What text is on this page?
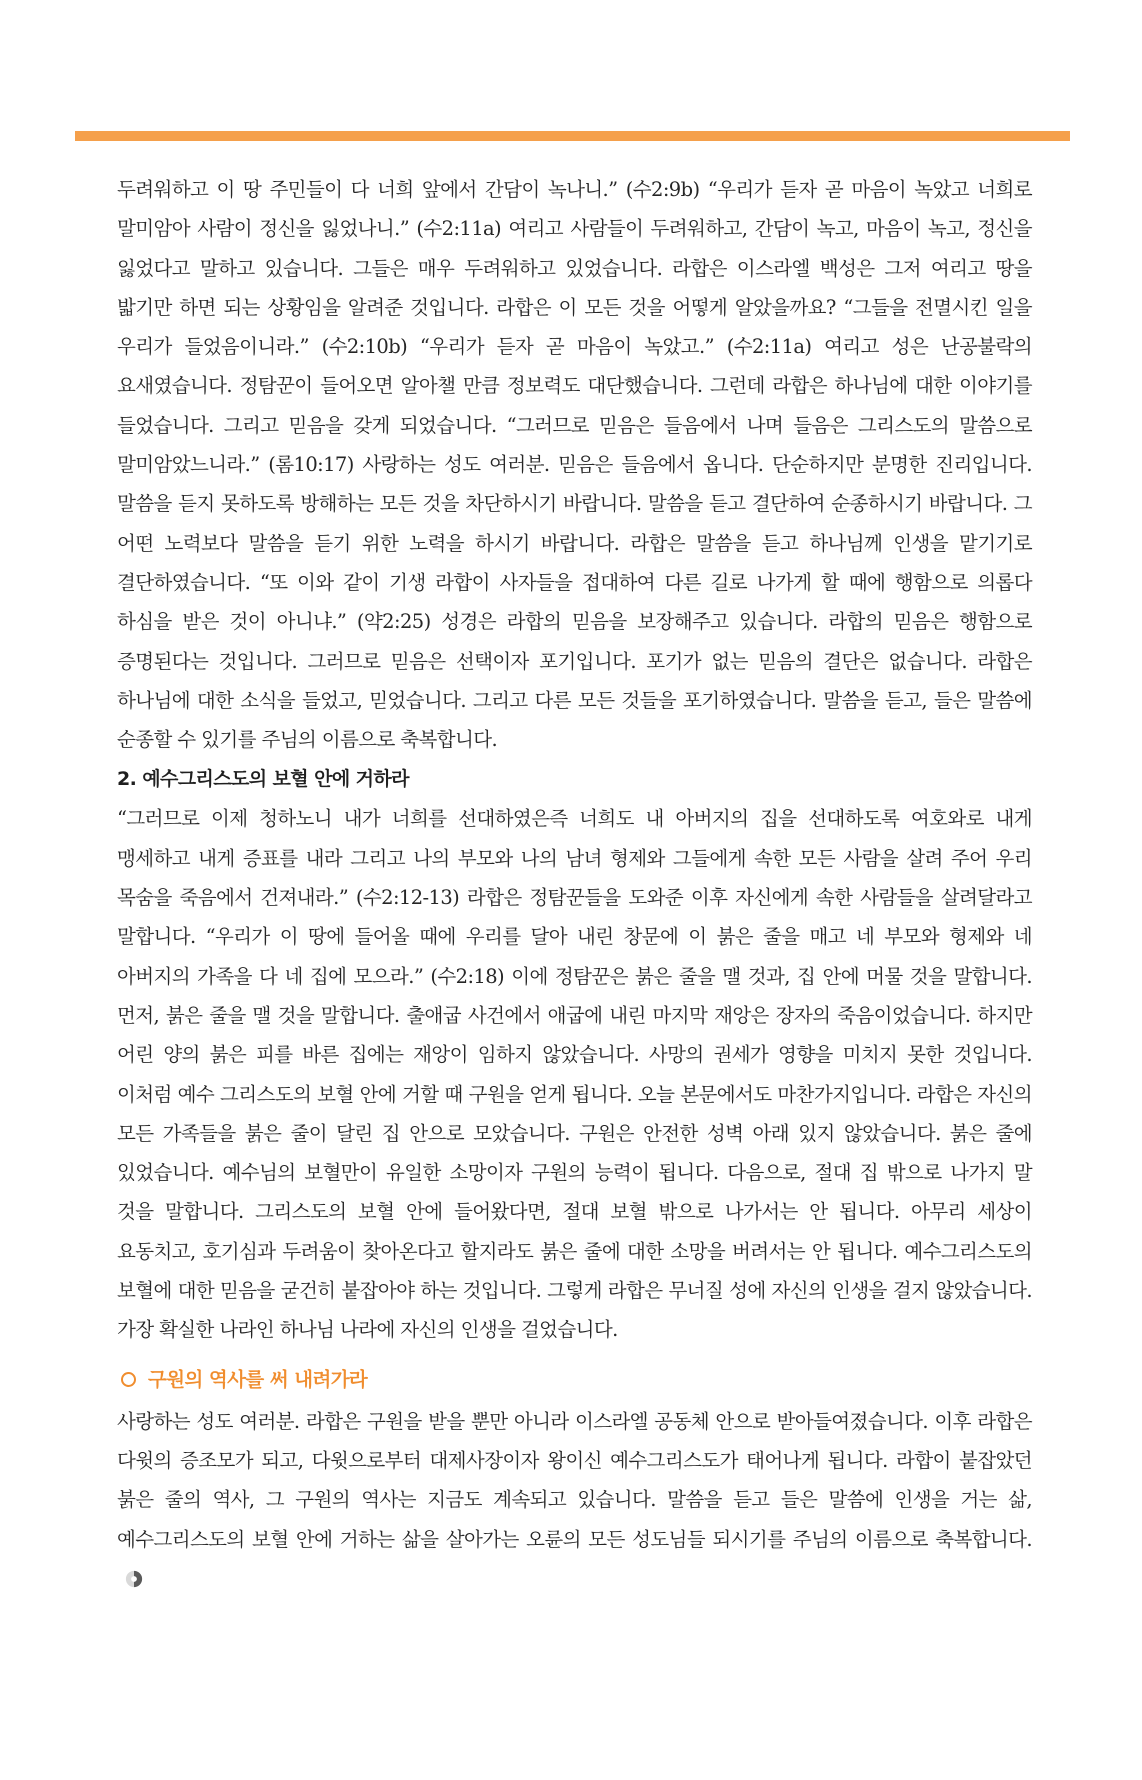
두려워하고 이 땅 주민들이 다 너희 앞에서 간담이 녹나니.” (수2:9b) “우리가 듣자 곧 마음이 녹았고 너희로 말미암아 사람이 정신을 잃었나니.” (수2:11a) 여리고 사람들이 두려워하고, 간담이 녹고, 마음이 녹고, 정신을 잃었다고 말하고 있습니다. 그들은 매우 두려워하고 있었습니다. 라합은 이스라엘 백성은 그저 여리고 땅을 밟기만 하면 되는 상황임을 알려준 것입니다. 라합은 이 모든 것을 어떻게 알았을까요? “그들을 전멸시킨 일을 우리가 들었음이니라.” (수2:10b) “우리가 듣자 곧 마음이 녹았고.” (수2:11a) 여리고 성은 난공불락의 요새였습니다. 정탐꾼이 들어오면 알아챌 만큼 정보력도 대단했습니다. 그런데 라합은 하나님에 대한 이야기를 들었습니다. 그리고 믿음을 갖게 되었습니다. “그러므로 믿음은 들음에서 나며 들음은 그리스도의 말씀으로 말미암았느니라.” (롬10:17) 사랑하는 성도 여러분. 믿음은 들음에서 옵니다. 단순하지만 분명한 진리입니다. 말씀을 듣지 못하도록 방해하는 모든 것을 차단하시기 바랍니다. 말씀을 듣고 결단하여 순종하시기 바랍니다. 그 어떤 노력보다 말씀을 듣기 위한 노력을 하시기 바랍니다. 라합은 말씀을 듣고 하나님께 인생을 맡기기로 결단하였습니다. “또 이와 같이 기생 라합이 사자들을 접대하여 다른 길로 나가게 할 때에 행함으로 의롭다 하심을 받은 것이 아니냐.” (약2:25) 성경은 라합의 믿음을 보장해주고 있습니다. 라합의 믿음은 행함으로 증명된다는 것입니다. 그러므로 믿음은 선택이자 포기입니다. 포기가 없는 믿음의 결단은 없습니다. 라합은 하나님에 대한 소식을 들었고, 믿었습니다. 그리고 다른 모든 것들을 포기하였습니다. 말씀을 듣고, 들은 말씀에 순종할 수 있기를 주님의 이름으로 축복합니다.

2. 예수그리스도의 보혈 안에 거하라

“그러므로 이제 청하노니 내가 너희를 선대하였은즉 너희도 내 아버지의 집을 선대하도록 여호와로 내게 맹세하고 내게 증표를 내라 그리고 나의 부모와 나의 남녀 형제와 그들에게 속한 모든 사람을 살려 주어 우리 목숨을 죽음에서 건져내라.” (수2:12-13) 라합은 정탐꾼들을 도와준 이후 자신에게 속한 사람들을 살려달라고 말합니다. “우리가 이 땅에 들어올 때에 우리를 달아 내린 창문에 이 붉은 줄을 매고 네 부모와 형제와 네 아버지의 가족을 다 네 집에 모으라.” (수2:18) 이에 정탐꾼은 붉은 줄을 맬 것과, 집 안에 머물 것을 말합니다. 먼저, 붉은 줄을 맬 것을 말합니다. 출애굽 사건에서 애굽에 내린 마지막 재앙은 장자의 죽음이었습니다. 하지만 어린 양의 붉은 피를 바른 집에는 재앙이 임하지 않았습니다. 사망의 권세가 영향을 미치지 못한 것입니다. 이처럼 예수 그리스도의 보혈 안에 거할 때 구원을 얻게 됩니다. 오늘 본문에서도 마찬가지입니다. 라합은 자신의 모든 가족들을 붉은 줄이 달린 집 안으로 모았습니다. 구원은 안전한 성벽 아래 있지 않았습니다. 붉은 줄에 있었습니다. 예수님의 보혈만이 유일한 소망이자 구원의 능력이 됩니다. 다음으로, 절대 집 밖으로 나가지 말 것을 말합니다. 그리스도의 보혈 안에 들어왔다면, 절대 보혈 밖으로 나가서는 안 됩니다. 아무리 세상이 요동치고, 호기심과 두려움이 찾아온다고 할지라도 붉은 줄에 대한 소망을 버려서는 안 됩니다. 예수그리스도의 보혈에 대한 믿음을 굳건히 붙잡아야 하는 것입니다. 그렇게 라합은 무너질 성에 자신의 인생을 걸지 않았습니다. 가장 확실한 나라인 하나님 나라에 자신의 인생을 걸었습니다.

구원의 역사를 써 내려가라

사랑하는 성도 여러분. 라합은 구원을 받을 뿐만 아니라 이스라엘 공동체 안으로 받아들여졌습니다. 이후 라합은 다윗의 증조모가 되고, 다윗으로부터 대제사장이자 왕이신 예수그리스도가 태어나게 됩니다. 라합이 붙잡았던 붉은 줄의 역사, 그 구원의 역사는 지금도 계속되고 있습니다. 말씀을 듣고 들은 말씀에 인생을 거는 삶, 예수그리스도의 보혈 안에 거하는 삶을 살아가는 오륜의 모든 성도님들 되시기를 주님의 이름으로 축복합니다.
